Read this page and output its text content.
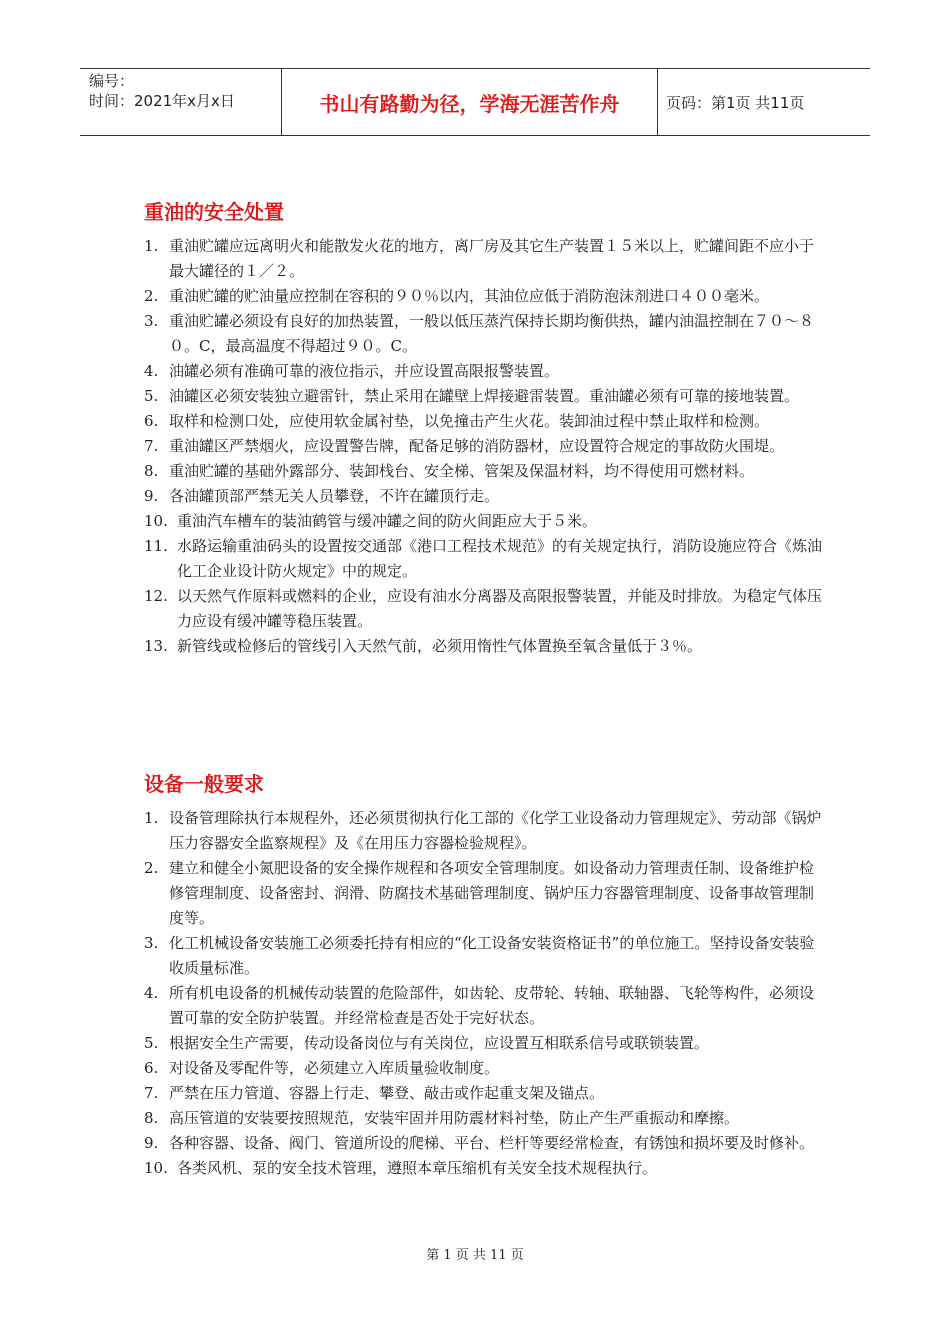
编号：
时间：2021年x月x日	书山有路勤为径，学海无涯苦作舟	页码：第1页 共11页
重油的安全处置
1. 重油贮罐应远离明火和能散发火花的地方，离厂房及其它生产装置１５米以上，贮罐间距不应小于最大罐径的１／２。
2. 重油贮罐的贮油量应控制在容积的９０％以内，其油位应低于消防泡沫剂进口４００毫米。
3. 重油贮罐必须设有良好的加热装置，一般以低压蒸汽保持长期均衡供热，罐内油温控制在７０～８０。C，最高温度不得超过９０。C。
4. 油罐必须有准确可靠的液位指示，并应设置高限报警装置。
5. 油罐区必须安装独立避雷针，禁止采用在罐壁上焊接避雷装置。重油罐必须有可靠的接地装置。
6. 取样和检测口处，应使用软金属衬垫，以免撞击产生火花。装卸油过程中禁止取样和检测。
7. 重油罐区严禁烟火，应设置警告牌，配备足够的消防器材，应设置符合规定的事故防火围堤。
8. 重油贮罐的基础外露部分、装卸栈台、安全梯、管架及保温材料，均不得使用可燃材料。
9. 各油罐顶部严禁无关人员攀登，不许在罐顶行走。
10. 重油汽车槽车的装油鹤管与缓冲罐之间的防火间距应大于５米。
11. 水路运输重油码头的设置按交通部《港口工程技术规范》的有关规定执行，消防设施应符合《炼油化工企业设计防火规定》中的规定。
12. 以天然气作原料或燃料的企业，应设有油水分离器及高限报警装置，并能及时排放。为稳定气体压力应设有缓冲罐等稳压装置。
13. 新管线或检修后的管线引入天然气前，必须用惰性气体置换至氧含量低于３％。
设备一般要求
1. 设备管理除执行本规程外，还必须贯彻执行化工部的《化学工业设备动力管理规定》、劳动部《锅炉压力容器安全监察规程》及《在用压力容器检验规程》。
2. 建立和健全小氮肥设备的安全操作规程和各项安全管理制度。如设备动力管理责任制、设备维护检修管理制度、设备密封、润滑、防腐技术基础管理制度、锅炉压力容器管理制度、设备事故管理制度等。
3. 化工机械设备安装施工必须委托持有相应的“化工设备安装资格证书”的单位施工。坚持设备安装验收质量标准。
4. 所有机电设备的机械传动装置的危险部件，如齿轮、皮带轮、转轴、联轴器、飞轮等构件，必须设置可靠的安全防护装置。并经常检查是否处于完好状态。
5. 根据安全生产需要，传动设备岗位与有关岗位，应设置互相联系信号或联锁装置。
6. 对设备及零配件等，必须建立入库质量验收制度。
7. 严禁在压力管道、容器上行走、攀登、敲击或作起重支架及锚点。
8. 高压管道的安装要按照规范，安装牢固并用防震材料衬垫，防止产生严重振动和摩擦。
9. 各种容器、设备、阀门、管道所设的爬梯、平台、栏杆等要经常检查，有锈蚀和损坏要及时修补。
10. 各类风机、泵的安全技术管理，遵照本章压缩机有关安全技术规程执行。
第 1 页 共 11 页
